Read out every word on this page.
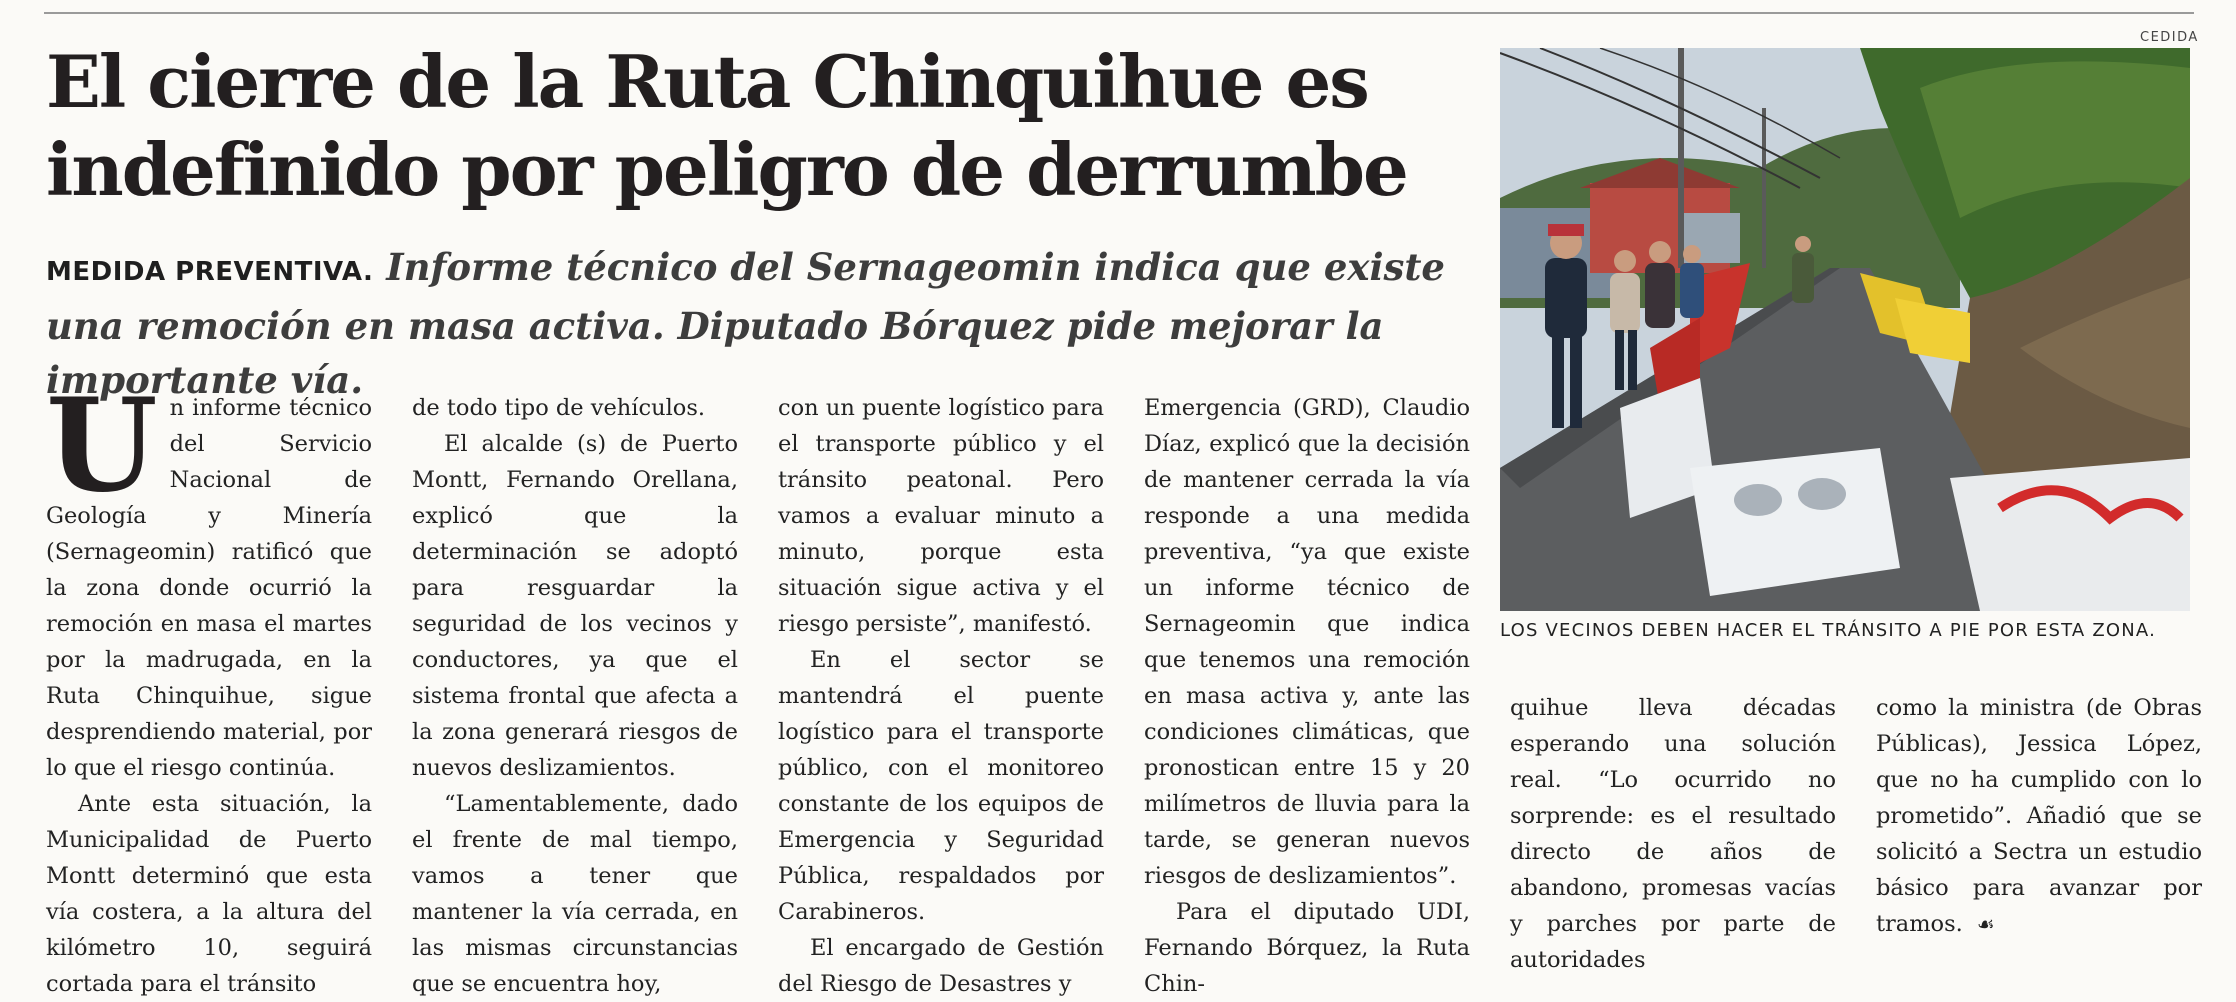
El cierre de la Ruta Chinquihue es indefinido por peligro de derrumbe
MEDIDA PREVENTIVA. Informe técnico del Sernageomin indica que existe una remoción en masa activa. Diputado Bórquez pide mejorar la importante vía.

Un informe técnico del Servicio Nacional de Geología y Minería (Sernageomin) ratificó que la zona donde ocurrió la remoción en masa el martes por la madrugada, en la Ruta Chinquihue, sigue desprendiendo material, por lo que el riesgo continúa.

Ante esta situación, la Municipalidad de Puerto Montt determinó que esta vía costera, a la altura del kilómetro 10, seguirá cortada para el tránsito

de todo tipo de vehículos.

El alcalde (s) de Puerto Montt, Fernando Orellana, explicó que la determinación se adoptó para resguardar la seguridad de los vecinos y conductores, ya que el sistema frontal que afecta a la zona generará riesgos de nuevos deslizamientos.

“Lamentablemente, dado el frente de mal tiempo, vamos a tener que mantener la vía cerrada, en las mismas circunstancias que se encuentra hoy,

con un puente logístico para el transporte público y el tránsito peatonal. Pero vamos a evaluar minuto a minuto, porque esta situación sigue activa y el riesgo persiste”, manifestó.

En el sector se mantendrá el puente logístico para el transporte público, con el monitoreo constante de los equipos de Emergencia y Seguridad Pública, respaldados por Carabineros.

El encargado de Gestión del Riesgo de Desastres y

Emergencia (GRD), Claudio Díaz, explicó que la decisión de mantener cerrada la vía responde a una medida preventiva, “ya que existe un informe técnico de Sernageomin que indica que tenemos una remoción en masa activa y, ante las condiciones climáticas, que pronostican entre 15 y 20 milímetros de lluvia para la tarde, se generan nuevos riesgos de deslizamientos”.

Para el diputado UDI, Fernando Bórquez, la Ruta Chin-

quihue lleva décadas esperando una solución real. “Lo ocurrido no sorprende: es el resultado directo de años de abandono, promesas vacías y parches por parte de autoridades

como la ministra (de Obras Públicas), Jessica López, que no ha cumplido con lo prometido”. Añadió que se solicitó a Sectra un estudio básico para avanzar por tramos. ☙

CEDIDA
LOS VECINOS DEBEN HACER EL TRÁNSITO A PIE POR ESTA ZONA.
